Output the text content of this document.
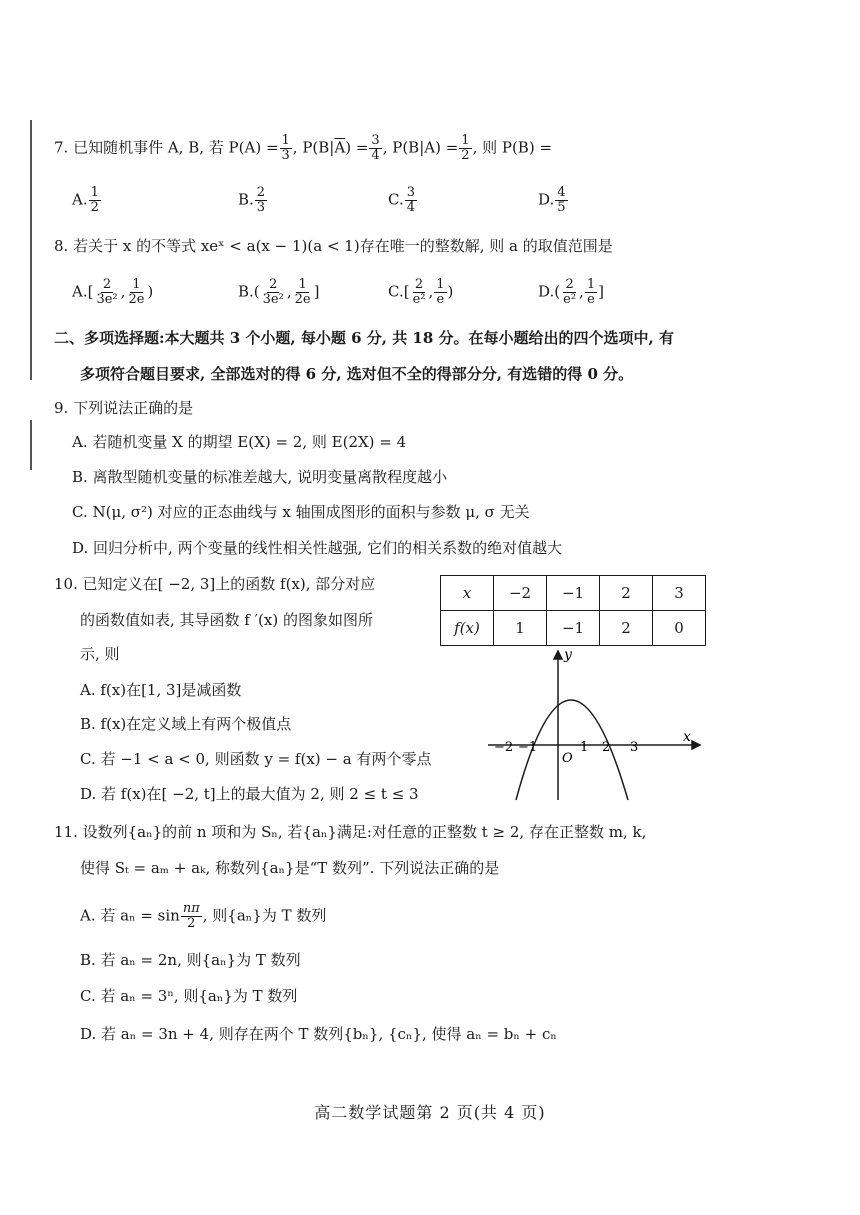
7. 已知随机事件 A, B, 若 $P(A) = \frac{1}{3}$ , $P(B|\overline{A}) = \frac{3}{4}$ , $P(B|A) = \frac{1}{2}$ , 则 P(B) =
A. $\frac{1}{2}$	B. $\frac{2}{3}$	C. $\frac{3}{4}$	D. $\frac{4}{5}$
8. 若关于 x 的不等式 xeˣ < a(x − 1)(a < 1)存在唯一的整数解, 则 a 的取值范围是
$A.[ \frac{2}{\text{3e²}}$ , $\frac{1}{2e}$ )	$B.( \frac{2}{\text{3e²}}$ , $\frac{1}{2e}$ ]	$C.[ \frac{2}{\text{e²}}$ , $\frac{1}{e}$ )	$D.( \frac{2}{\text{e²}}$ , $\frac{1}{e}$ ]
二、多项选择题:本大题共 3 个小题, 每小题 6 分, 共 18 分。在每小题给出的四个选项中, 有
多项符合题目要求, 全部选对的得 6 分, 选对但不全的得部分分, 有选错的得 0 分。
9. 下列说法正确的是
A. 若随机变量 X 的期望 E(X) = 2, 则 E(2X) = 4
B. 离散型随机变量的标准差越大, 说明变量离散程度越小
C. N(μ, σ²) 对应的正态曲线与 x 轴围成图形的面积与参数 μ, σ 无关
D. 回归分析中, 两个变量的线性相关性越强, 它们的相关系数的绝对值越大
10. 已知定义在[ −2, 3]上的函数 f(x), 部分对应
的函数值如表, 其导函数 f ′(x) 的图象如图所
示, 则
A. f(x)在[1, 3]是减函数
B. f(x)在定义域上有两个极值点
C. 若 −1 < a < 0, 则函数 y = f(x) − a 有两个零点
D. 若 f(x)在[ −2, t]上的最大值为 2, 则 2 ≤ t ≤ 3
x	−2	−1	2	3
f(x)	1	−1	2	0
y
x
O
−2 −1	1 2 3
11. 设数列{aₙ}的前 n 项和为 Sₙ, 若{aₙ}满足:对任意的正整数 t ≥ 2, 存在正整数 m, k,
使得 Sₜ = aₘ + aₖ, 称数列{aₙ}是“T 数列”. 下列说法正确的是
A. 若 $a_n = \sin \frac{n\pi}{2}$ , 则{aₙ}为 T 数列
B. 若 aₙ = 2n, 则{aₙ}为 T 数列
C. 若 aₙ = 3ⁿ, 则{aₙ}为 T 数列
D. 若 aₙ = 3n + 4, 则存在两个 T 数列{bₙ}, {cₙ}, 使得 aₙ = bₙ + cₙ
高二数学试题第 2 页(共 4 页)
